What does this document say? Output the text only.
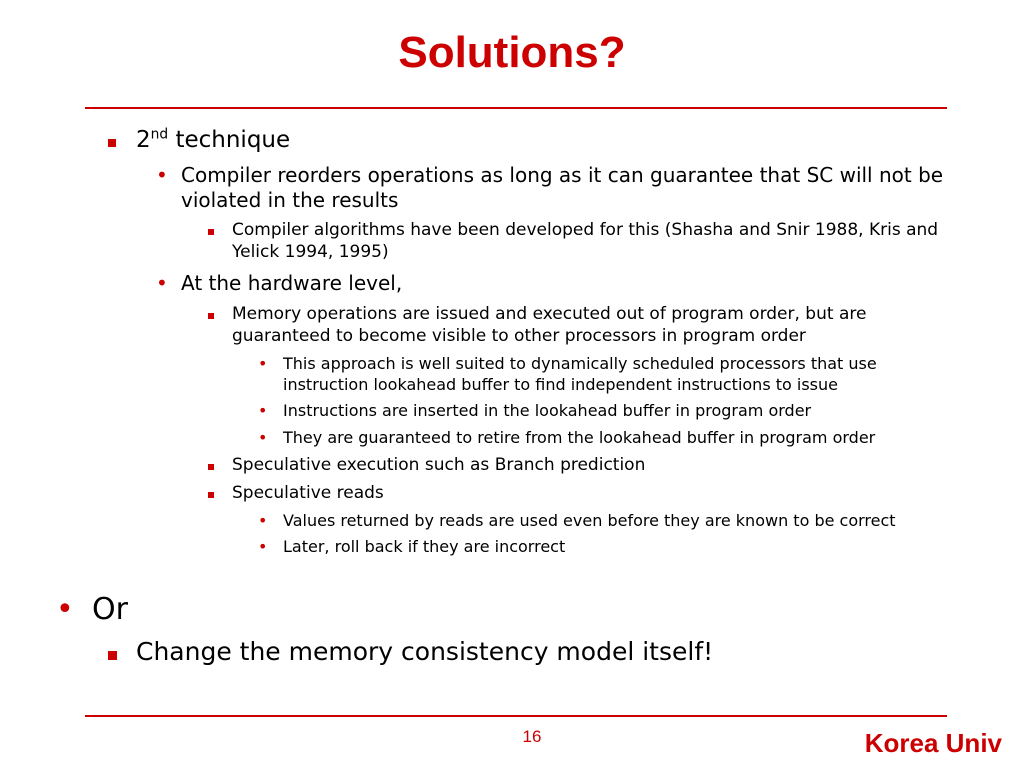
Solutions?
2nd technique
• Compiler reorders operations as long as it can guarantee that SC will not be violated in the results
Compiler algorithms have been developed for this (Shasha and Snir 1988, Kris and Yelick 1994, 1995)
• At the hardware level,
Memory operations are issued and executed out of program order, but are guaranteed to become visible to other processors in program order
• This approach is well suited to dynamically scheduled processors that use instruction lookahead buffer to find independent instructions to issue
• Instructions are inserted in the lookahead buffer in program order
• They are guaranteed to retire from the lookahead buffer in program order
Speculative execution such as Branch prediction
Speculative reads
• Values returned by reads are used even before they are known to be correct
• Later, roll back if they are incorrect
• Or
Change the memory consistency model itself!
16	Korea Univ
